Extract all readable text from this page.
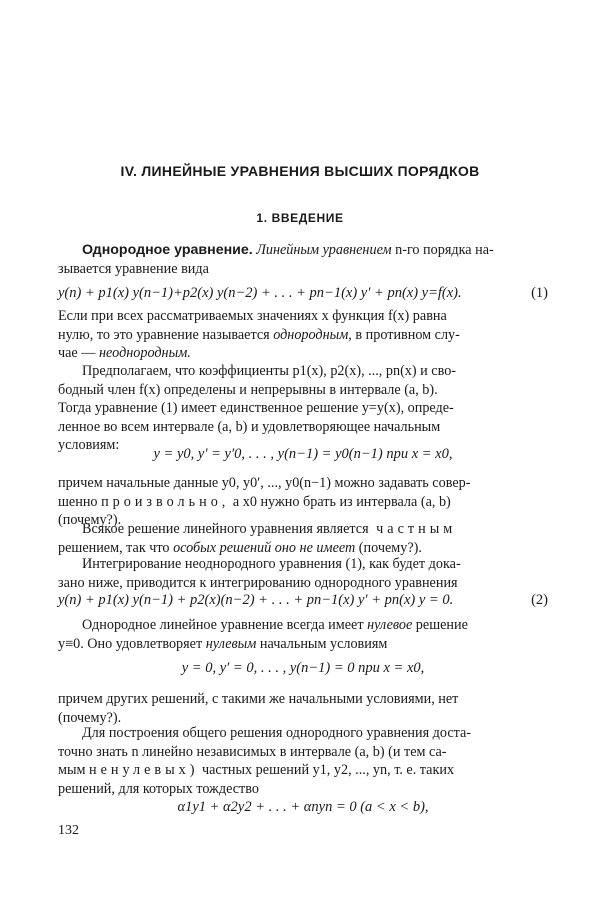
IV. ЛИНЕЙНЫЕ УРАВНЕНИЯ ВЫСШИХ ПОРЯДКОВ
1. ВВЕДЕНИЕ

Однородное уравнение. Линейным уравнением n-го порядка на-

зывается уравнение вида

y(n) + p1(x) y(n−1)+p2(x) y(n−2) + . . . + pn−1(x) y′ + pn(x) y=f(x).	(1)

Если при всех рассматриваемых значениях x функция f(x) равна

нулю, то это уравнение называется однородным, в противном слу-

чае — неоднородным.

Предполагаем, что коэффициенты p1(x), p2(x), ..., pn(x) и сво-

бодный член f(x) определены и непрерывны в интервале (a, b).

Тогда уравнение (1) имеет единственное решение y=y(x), опреде-

ленное во всем интервале (a, b) и удовлетворяющее начальным

условиям:

y = y0, y′ = y′0, . . . , y(n−1) = y0(n−1) при x = x0,

причем начальные данные y0, y0′, ..., y0(n−1) можно задавать совер-

шенно произвольно, а x0 нужно брать из интервала (a, b)

(почему?).

Всякое решение линейного уравнения является частным

решением, так что особых решений оно не имеет (почему?).

Интегрирование неоднородного уравнения (1), как будет дока-

зано ниже, приводится к интегрированию однородного уравнения

y(n) + p1(x) y(n−1) + p2(x)(n−2) + . . . + pn−1(x) y′ + pn(x) y = 0.	(2)

Однородное линейное уравнение всегда имеет нулевое решение

y≡0. Оно удовлетворяет нулевым начальным условиям

y = 0, y′ = 0, . . . , y(n−1) = 0 при x = x0,

причем других решений, с такими же начальными условиями, нет

(почему?).

Для построения общего решения однородного уравнения доста-

точно знать n линейно независимых в интервале (a, b) (и тем са-

мым ненулевых) частных решений y1, y2, ..., yn, т. е. таких

решений, для которых тождество

α1y1 + α2y2 + . . . + αnyn = 0 (a < x < b),
132
